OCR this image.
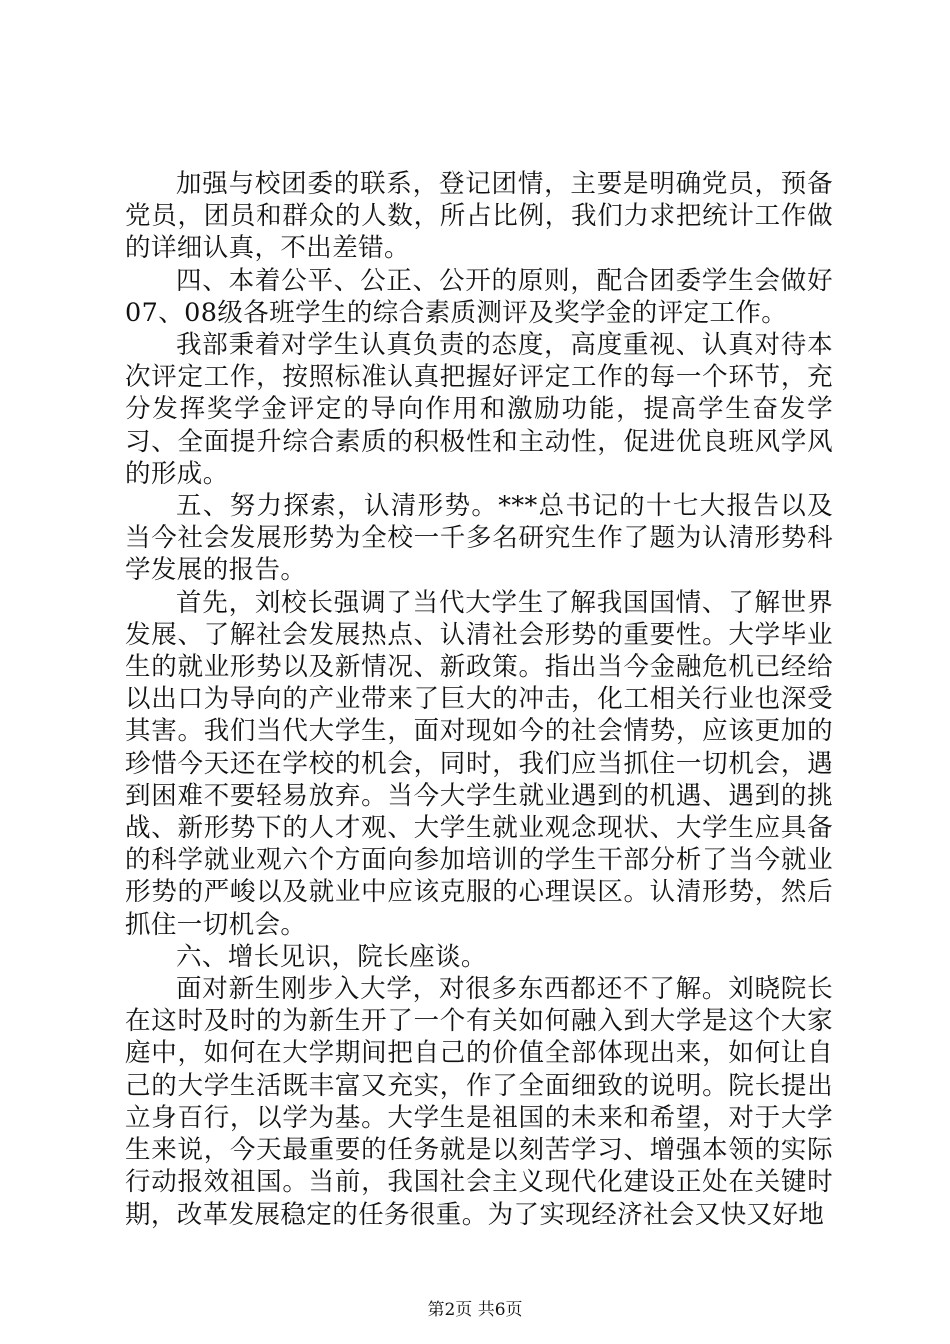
加强与校团委的联系，登记团情，主要是明确党员，预备党员，团员和群众的人数，所占比例，我们力求把统计工作做的详细认真，不出差错。

四、本着公平、公正、公开的原则，配合团委学生会做好07、08级各班学生的综合素质测评及奖学金的评定工作。

我部秉着对学生认真负责的态度，高度重视、认真对待本次评定工作，按照标准认真把握好评定工作的每一个环节，充分发挥奖学金评定的导向作用和激励功能，提高学生奋发学习、全面提升综合素质的积极性和主动性，促进优良班风学风的形成。

五、努力探索，认清形势。***总书记的十七大报告以及当今社会发展形势为全校一千多名研究生作了题为认清形势科学发展的报告。

首先，刘校长强调了当代大学生了解我国国情、了解世界发展、了解社会发展热点、认清社会形势的重要性。大学毕业生的就业形势以及新情况、新政策。指出当今金融危机已经给以出口为导向的产业带来了巨大的冲击，化工相关行业也深受其害。我们当代大学生，面对现如今的社会情势，应该更加的珍惜今天还在学校的机会，同时，我们应当抓住一切机会，遇到困难不要轻易放弃。当今大学生就业遇到的机遇、遇到的挑战、新形势下的人才观、大学生就业观念现状、大学生应具备的科学就业观六个方面向参加培训的学生干部分析了当今就业形势的严峻以及就业中应该克服的心理误区。认清形势，然后抓住一切机会。

六、增长见识，院长座谈。

面对新生刚步入大学，对很多东西都还不了解。刘晓院长在这时及时的为新生开了一个有关如何融入到大学是这个大家庭中，如何在大学期间把自己的价值全部体现出来，如何让自己的大学生活既丰富又充实，作了全面细致的说明。院长提出立身百行，以学为基。大学生是祖国的未来和希望，对于大学生来说，今天最重要的任务就是以刻苦学习、增强本领的实际行动报效祖国。当前，我国社会主义现代化建设正处在关键时期，改革发展稳定的任务很重。为了实现经济社会又快又好地

第2页 共6页
